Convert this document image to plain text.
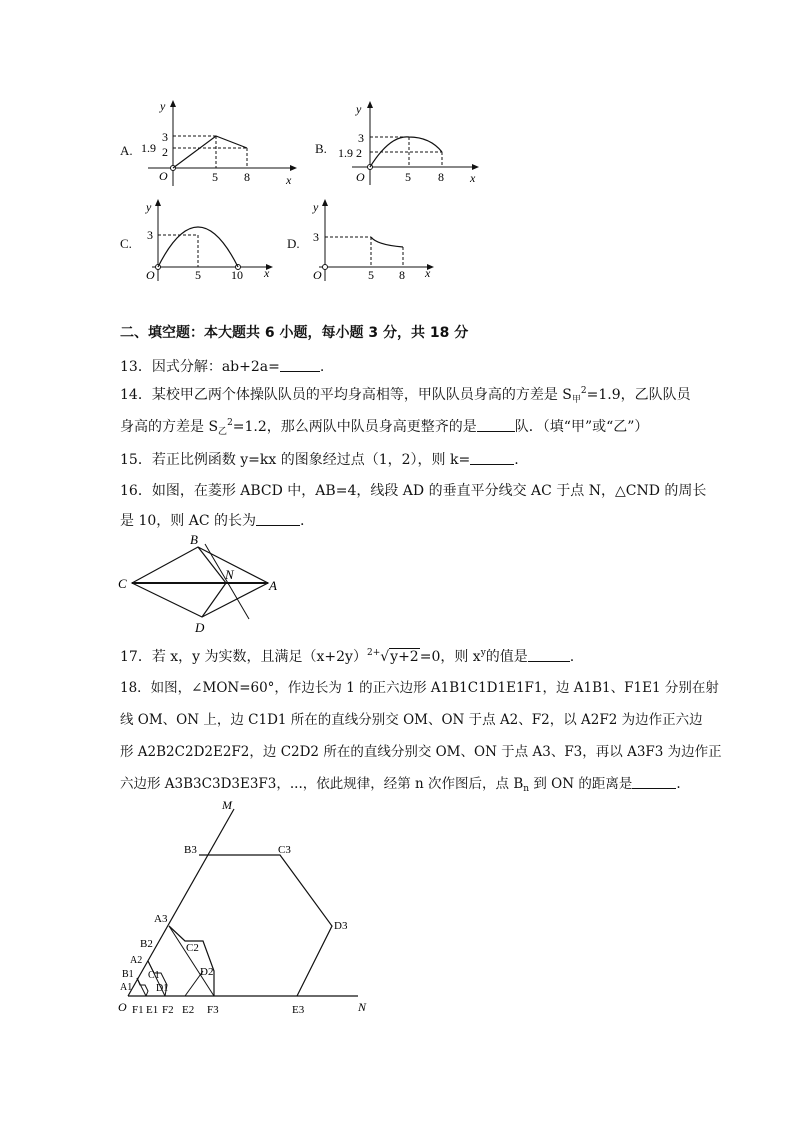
A. 1.9
3
2
5 8
O	x
y
B.
3
1.9 2
5 8
O	x
y
C.
3
5	10
O	x
y
D. 3
5 8
O	x
y
二、填空题：本大题共 6 小题，每小题 3 分，共 18 分
13．因式分解：ab+2a=	.
14．某校甲乙两个体操队队员的平均身高相等，甲队队员身高的方差是 $S_甲^2=1.9$，乙队队员
身高的方差是 $S_乙^2=1.2$，那么两队中队员身高更整齐的是	队．（填“甲”或“乙”）
15．若正比例函数 y=kx 的图象经过点（1，2），则 k=	.
16．如图，在菱形 ABCD 中，AB=4，线段 AD 的垂直平分线交 AC 于点 N，△CND 的周长
是 10，则 AC 的长为	.
B
C
N
A
D
17．若 x，y 为实数，且满足$(x+2y)^{2+}√y+2=0$，则 $x^y$的值是	.
18．如图，∠MON=60°，作边长为 1 的正六边形 A1B1C1D1E1F1，边 A1B1、F1E1 分别在射
线 OM、ON 上，边 C1D1 所在的直线分别交 OM、ON 于点 A2、F2，以 A2F2 为边作正六边
形 A2B2C2D2E2F2，边 C2D2 所在的直线分别交 OM、ON 于点 A3、F3，再以 A3F3 为边作正
六边形 A3B3C3D3E3F3，...，依此规律，经第 n 次作图后，点 $B_n$ 到 ON 的距离是	.
M
N
O
B3	C3
D3
E3
F3
A3
B2	C2
D2
E2
F2
A2
B1 C1
D1
A1
E1
F1
